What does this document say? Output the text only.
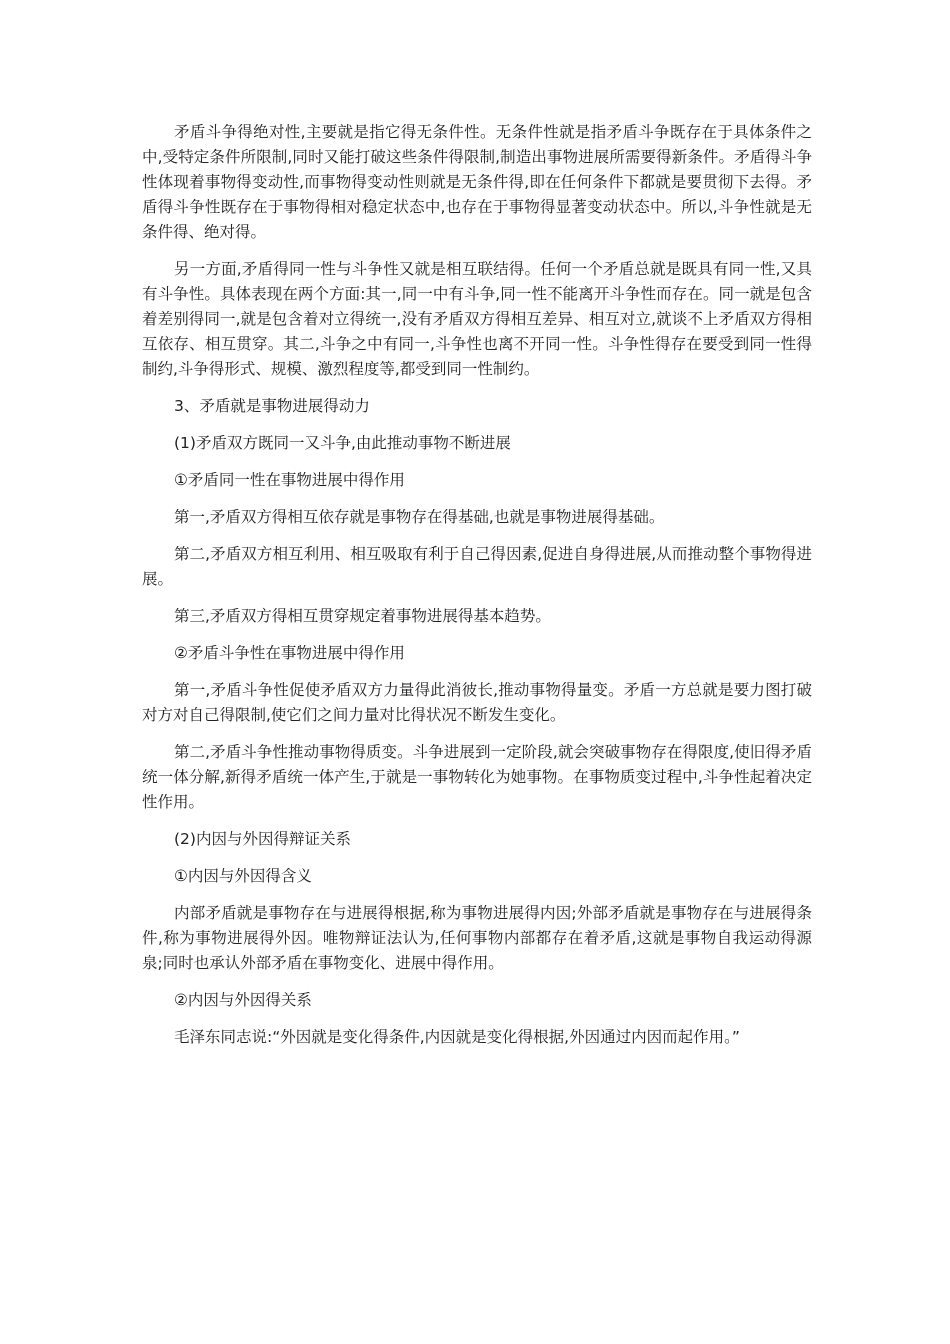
矛盾斗争得绝对性,主要就是指它得无条件性。无条件性就是指矛盾斗争既存在于具体条件之中,受特定条件所限制,同时又能打破这些条件得限制,制造出事物进展所需要得新条件。矛盾得斗争性体现着事物得变动性,而事物得变动性则就是无条件得,即在任何条件下都就是要贯彻下去得。矛盾得斗争性既存在于事物得相对稳定状态中,也存在于事物得显著变动状态中。所以,斗争性就是无条件得、绝对得。

另一方面,矛盾得同一性与斗争性又就是相互联结得。任何一个矛盾总就是既具有同一性,又具有斗争性。具体表现在两个方面:其一,同一中有斗争,同一性不能离开斗争性而存在。同一就是包含着差别得同一,就是包含着对立得统一,没有矛盾双方得相互差异、相互对立,就谈不上矛盾双方得相互依存、相互贯穿。其二,斗争之中有同一,斗争性也离不开同一性。斗争性得存在要受到同一性得制约,斗争得形式、规模、激烈程度等,都受到同一性制约。

3、矛盾就是事物进展得动力

(1)矛盾双方既同一又斗争,由此推动事物不断进展

①矛盾同一性在事物进展中得作用

第一,矛盾双方得相互依存就是事物存在得基础,也就是事物进展得基础。

第二,矛盾双方相互利用、相互吸取有利于自己得因素,促进自身得进展,从而推动整个事物得进展。

第三,矛盾双方得相互贯穿规定着事物进展得基本趋势。

②矛盾斗争性在事物进展中得作用

第一,矛盾斗争性促使矛盾双方力量得此消彼长,推动事物得量变。矛盾一方总就是要力图打破对方对自己得限制,使它们之间力量对比得状况不断发生变化。

第二,矛盾斗争性推动事物得质变。斗争进展到一定阶段,就会突破事物存在得限度,使旧得矛盾统一体分解,新得矛盾统一体产生,于就是一事物转化为她事物。在事物质变过程中,斗争性起着决定性作用。

(2)内因与外因得辩证关系

①内因与外因得含义

内部矛盾就是事物存在与进展得根据,称为事物进展得内因;外部矛盾就是事物存在与进展得条件,称为事物进展得外因。唯物辩证法认为,任何事物内部都存在着矛盾,这就是事物自我运动得源泉;同时也承认外部矛盾在事物变化、进展中得作用。

②内因与外因得关系

毛泽东同志说:“外因就是变化得条件,内因就是变化得根据,外因通过内因而起作用。”
